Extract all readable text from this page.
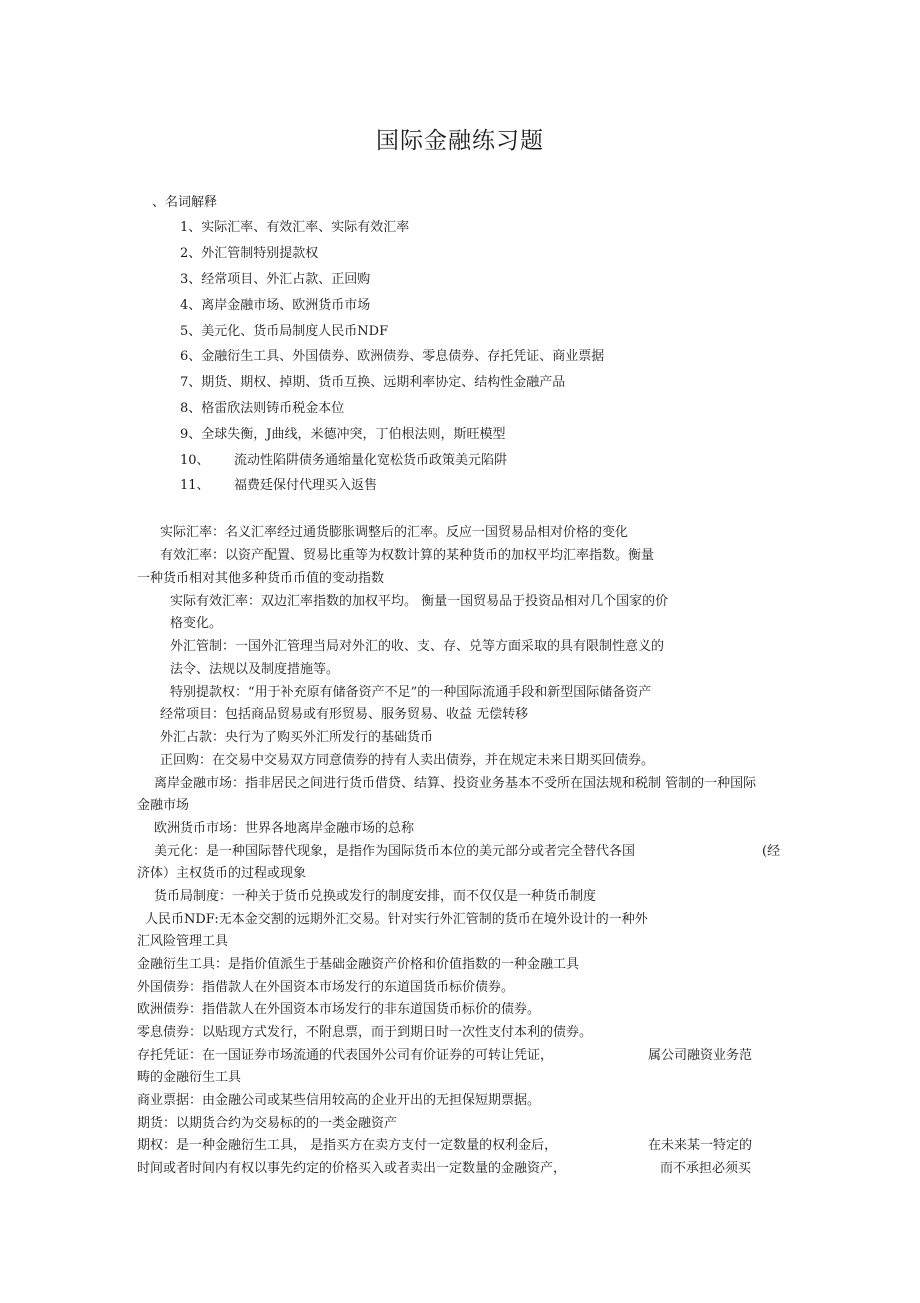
国际金融练习题
、名词解释
1、实际汇率、有效汇率、实际有效汇率
2、外汇管制特别提款权
3、经常项目、外汇占款、正回购
4、离岸金融市场、欧洲货币市场
5、美元化、货币局制度人民币NDF
6、金融衍生工具、外国债券、欧洲债券、零息债券、存托凭证、商业票据
7、期货、期权、掉期、货币互换、远期利率协定、结构性金融产品
8、格雷欣法则铸币税金本位
9、全球失衡，J曲线，米德冲突，丁伯根法则，斯旺模型
10、 流动性陷阱债务通缩量化宽松货币政策美元陷阱
11、 福费廷保付代理买入返售
实际汇率：名义汇率经过通货膨胀调整后的汇率。反应一国贸易品相对价格的变化
有效汇率：以资产配置、贸易比重等为权数计算的某种货币的加权平均汇率指数。衡量
一种货币相对其他多种货币币值的变动指数
实际有效汇率：双边汇率指数的加权平均。 衡量一国贸易品于投资品相对几个国家的价
格变化。
外汇管制：一国外汇管理当局对外汇的收、支、存、兑等方面采取的具有限制性意义的
法令、法规以及制度措施等。
特别提款权：“用于补充原有储备资产不足”的一种国际流通手段和新型国际储备资产
经常项目：包括商品贸易或有形贸易、服务贸易、收益 无偿转移
外汇占款：央行为了购买外汇所发行的基础货币
正回购：在交易中交易双方同意债券的持有人卖出债券，并在规定未来日期买回债券。
离岸金融市场：指非居民之间进行货币借贷、结算、投资业务基本不受所在国法规和税制 管制的一种国际
金融市场
欧洲货币市场：世界各地离岸金融市场的总称
美元化：是一种国际替代现象，是指作为国际货币本位的美元部分或者完全替代各国	(经
济体）主权货币的过程或现象
货币局制度：一种关于货币兑换或发行的制度安排，而不仅仅是一种货币制度
人民币NDF:无本金交割的远期外汇交易。针对实行外汇管制的货币在境外设计的一种外
汇风险管理工具
金融衍生工具：是指价值派生于基础金融资产价格和价值指数的一种金融工具
外国债券：指借款人在外国资本市场发行的东道国货币标价债券。
欧洲债券：指借款人在外国资本市场发行的非东道国货币标价的债券。
零息债券：以贴现方式发行，不附息票，而于到期日时一次性支付本利的债券。
存托凭证：在一国证券市场流通的代表国外公司有价证券的可转让凭证，	属公司融资业务范
畴的金融衍生工具
商业票据：由金融公司或某些信用较高的企业开出的无担保短期票据。
期货：以期货合约为交易标的的一类金融资产
期权：是一种金融衍生工具， 是指买方在卖方支付一定数量的权利金后，	在未来某一特定的
时间或者时间内有权以事先约定的价格买入或者卖出一定数量的金融资产，	而不承担必须买
